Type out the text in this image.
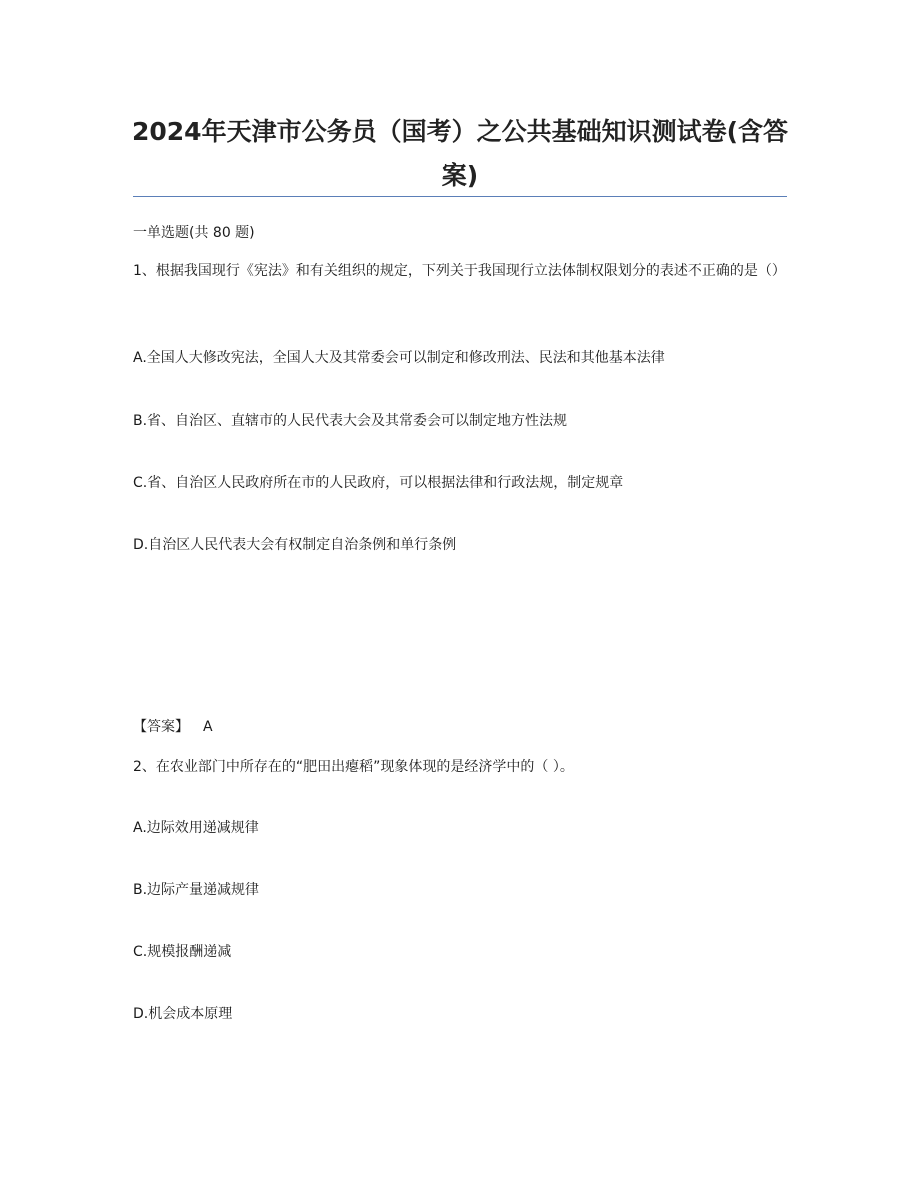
2024年天津市公务员（国考）之公共基础知识测试卷(含答案)
一单选题(共 80 题)
1、根据我国现行《宪法》和有关组织的规定，下列关于我国现行立法体制权限划分的表述不正确的是（）
A.全国人大修改宪法，全国人大及其常委会可以制定和修改刑法、民法和其他基本法律
B.省、自治区、直辖市的人民代表大会及其常委会可以制定地方性法规
C.省、自治区人民政府所在市的人民政府，可以根据法律和行政法规，制定规章
D.自治区人民代表大会有权制定自治条例和单行条例
【答案】 A
2、在农业部门中所存在的“肥田出瘪稻”现象体现的是经济学中的（ ）。
A.边际效用递减规律
B.边际产量递减规律
C.规模报酬递减
D.机会成本原理
